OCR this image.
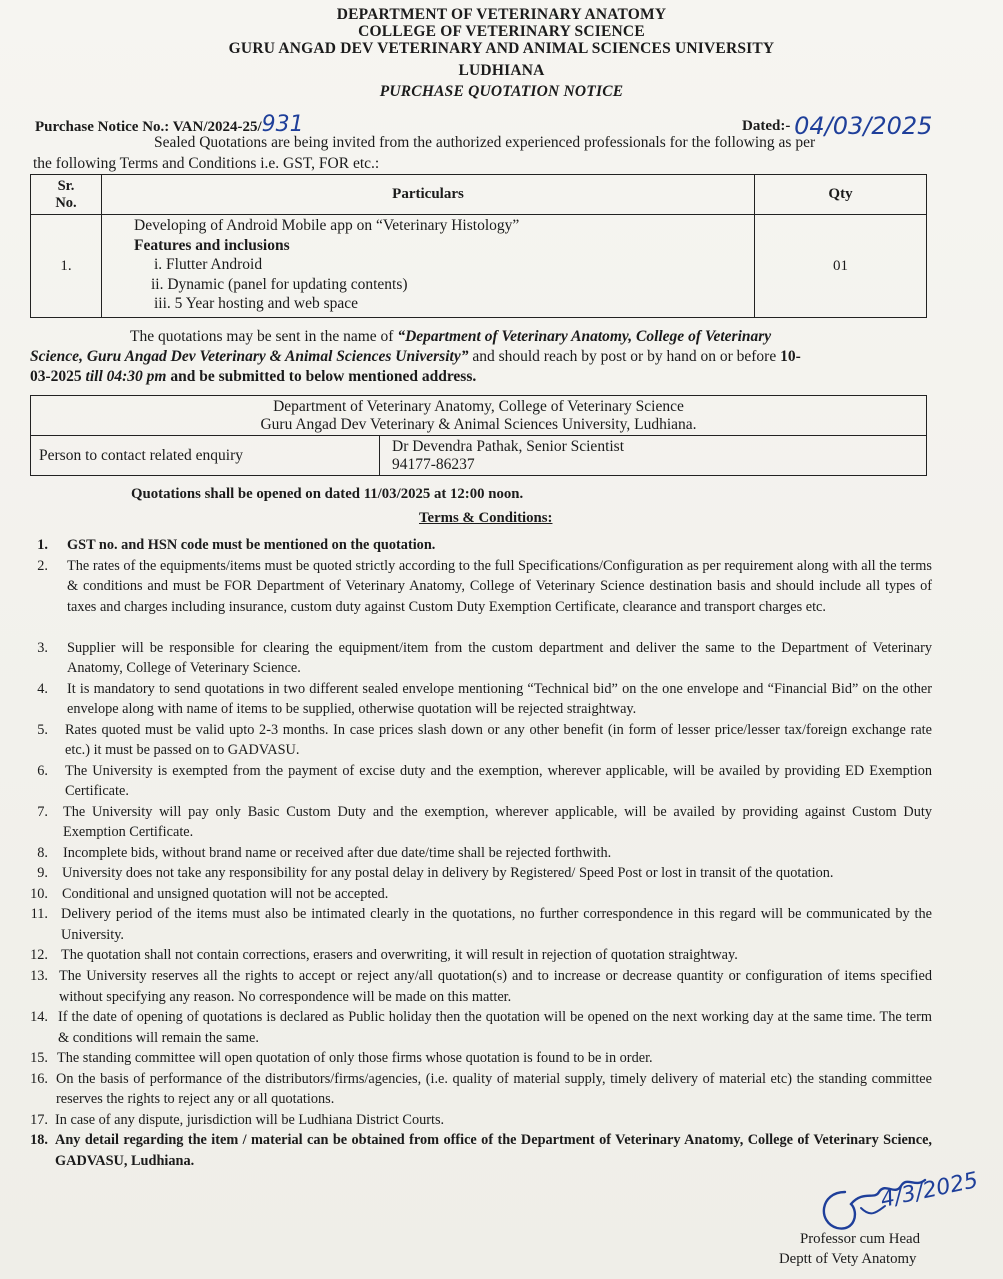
DEPARTMENT OF VETERINARY ANATOMY
COLLEGE OF VETERINARY SCIENCE
GURU ANGAD DEV VETERINARY AND ANIMAL SCIENCES UNIVERSITY
LUDHIANA
PURCHASE QUOTATION NOTICE
Purchase Notice No.: VAN/2024-25/931	Dated:- 04/03/2025
Sealed Quotations are being invited from the authorized experienced professionals for the following as per
the following Terms and Conditions i.e. GST, FOR etc.:
Sr.
No.	Particulars	Qty
1.	Developing of Android Mobile app on “Veterinary Histology”
Features and inclusions
i. Flutter Android
ii. Dynamic (panel for updating contents)
iii. 5 Year hosting and web space	01
The quotations may be sent in the name of “Department of Veterinary Anatomy, College of Veterinary
Science, Guru Angad Dev Veterinary & Animal Sciences University” and should reach by post or by hand on or before 10-
03-2025 till 04:30 pm and be submitted to below mentioned address.
Department of Veterinary Anatomy, College of Veterinary Science
Guru Angad Dev Veterinary & Animal Sciences University, Ludhiana.

Person to contact related enquiry	
Dr Devendra Pathak, Senior Scientist
94177-86237
Quotations shall be opened on dated 11/03/2025 at 12:00 noon.
Terms & Conditions:
1. GST no. and HSN code must be mentioned on the quotation.
2. The rates of the equipments/items must be quoted strictly according to the full Specifications/Configuration as per requirement along with all the terms & conditions and must be FOR Department of Veterinary Anatomy, College of Veterinary Science destination basis and should include all types of taxes and charges including insurance, custom duty against Custom Duty Exemption Certificate, clearance and transport charges etc.
3. Supplier will be responsible for clearing the equipment/item from the custom department and deliver the same to the Department of Veterinary Anatomy, College of Veterinary Science.
4. It is mandatory to send quotations in two different sealed envelope mentioning “Technical bid” on the one envelope and “Financial Bid” on the other envelope along with name of items to be supplied, otherwise quotation will be rejected straightway.
5. Rates quoted must be valid upto 2-3 months. In case prices slash down or any other benefit (in form of lesser price/lesser tax/foreign exchange rate etc.) it must be passed on to GADVASU.
6. The University is exempted from the payment of excise duty and the exemption, wherever applicable, will be availed by providing ED Exemption Certificate.
7. The University will pay only Basic Custom Duty and the exemption, wherever applicable, will be availed by providing against Custom Duty Exemption Certificate.
8. Incomplete bids, without brand name or received after due date/time shall be rejected forthwith.
9. University does not take any responsibility for any postal delay in delivery by Registered/ Speed Post or lost in transit of the quotation.
10. Conditional and unsigned quotation will not be accepted.
11. Delivery period of the items must also be intimated clearly in the quotations, no further correspondence in this regard will be communicated by the University.
12. The quotation shall not contain corrections, erasers and overwriting, it will result in rejection of quotation straightway.
13. The University reserves all the rights to accept or reject any/all quotation(s) and to increase or decrease quantity or configuration of items specified without specifying any reason. No correspondence will be made on this matter.
14. If the date of opening of quotations is declared as Public holiday then the quotation will be opened on the next working day at the same time. The term & conditions will remain the same.
15. The standing committee will open quotation of only those firms whose quotation is found to be in order.
16. On the basis of performance of the distributors/firms/agencies, (i.e. quality of material supply, timely delivery of material etc) the standing committee reserves the rights to reject any or all quotations.
17. In case of any dispute, jurisdiction will be Ludhiana District Courts.
18. Any detail regarding the item / material can be obtained from office of the Department of Veterinary Anatomy, College of Veterinary Science, GADVASU, Ludhiana.
4/3/2025
Professor cum Head
Deptt of Vety Anatomy
